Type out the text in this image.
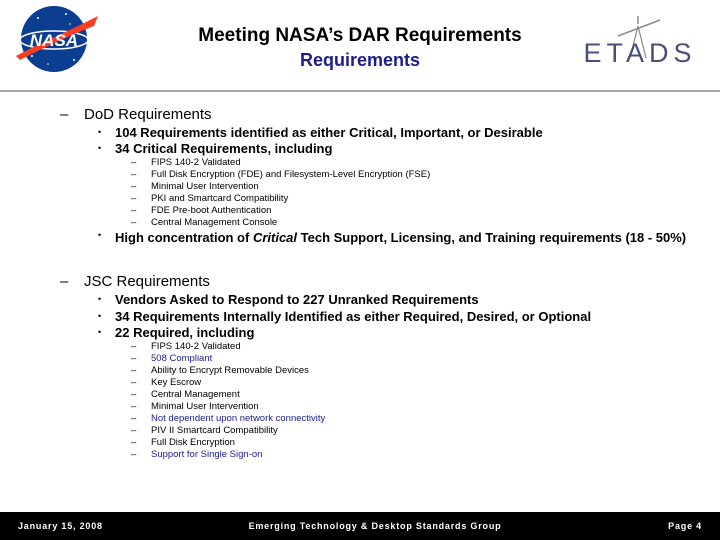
NASA	Meeting NASA’s DAR Requirements
Requirements	ETADS
– DoD Requirements
• 104 Requirements identified as either Critical, Important, or Desirable
• 34 Critical Requirements, including
– FIPS 140-2 Validated
– Full Disk Encryption (FDE) and Filesystem-Level Encryption (FSE)
– Minimal User Intervention
– PKI and Smartcard Compatibility
– FDE Pre-boot Authentication
– Central Management Console
•	High concentration of Critical Tech Support, Licensing, and Training requirements (18 - 50%)
– JSC Requirements
• Vendors Asked to Respond to 227 Unranked Requirements
• 34 Requirements Internally Identified as either Required, Desired, or Optional
• 22 Required, including
– FIPS 140-2 Validated
– 508 Compliant
– Ability to Encrypt Removable Devices
– Key Escrow
– Central Management
– Minimal User Intervention
– Not dependent upon network connectivity
– PIV II Smartcard Compatibility
– Full Disk Encryption
– Support for Single Sign-on
January 15, 2008	Emerging Technology & Desktop Standards Group	Page 4
